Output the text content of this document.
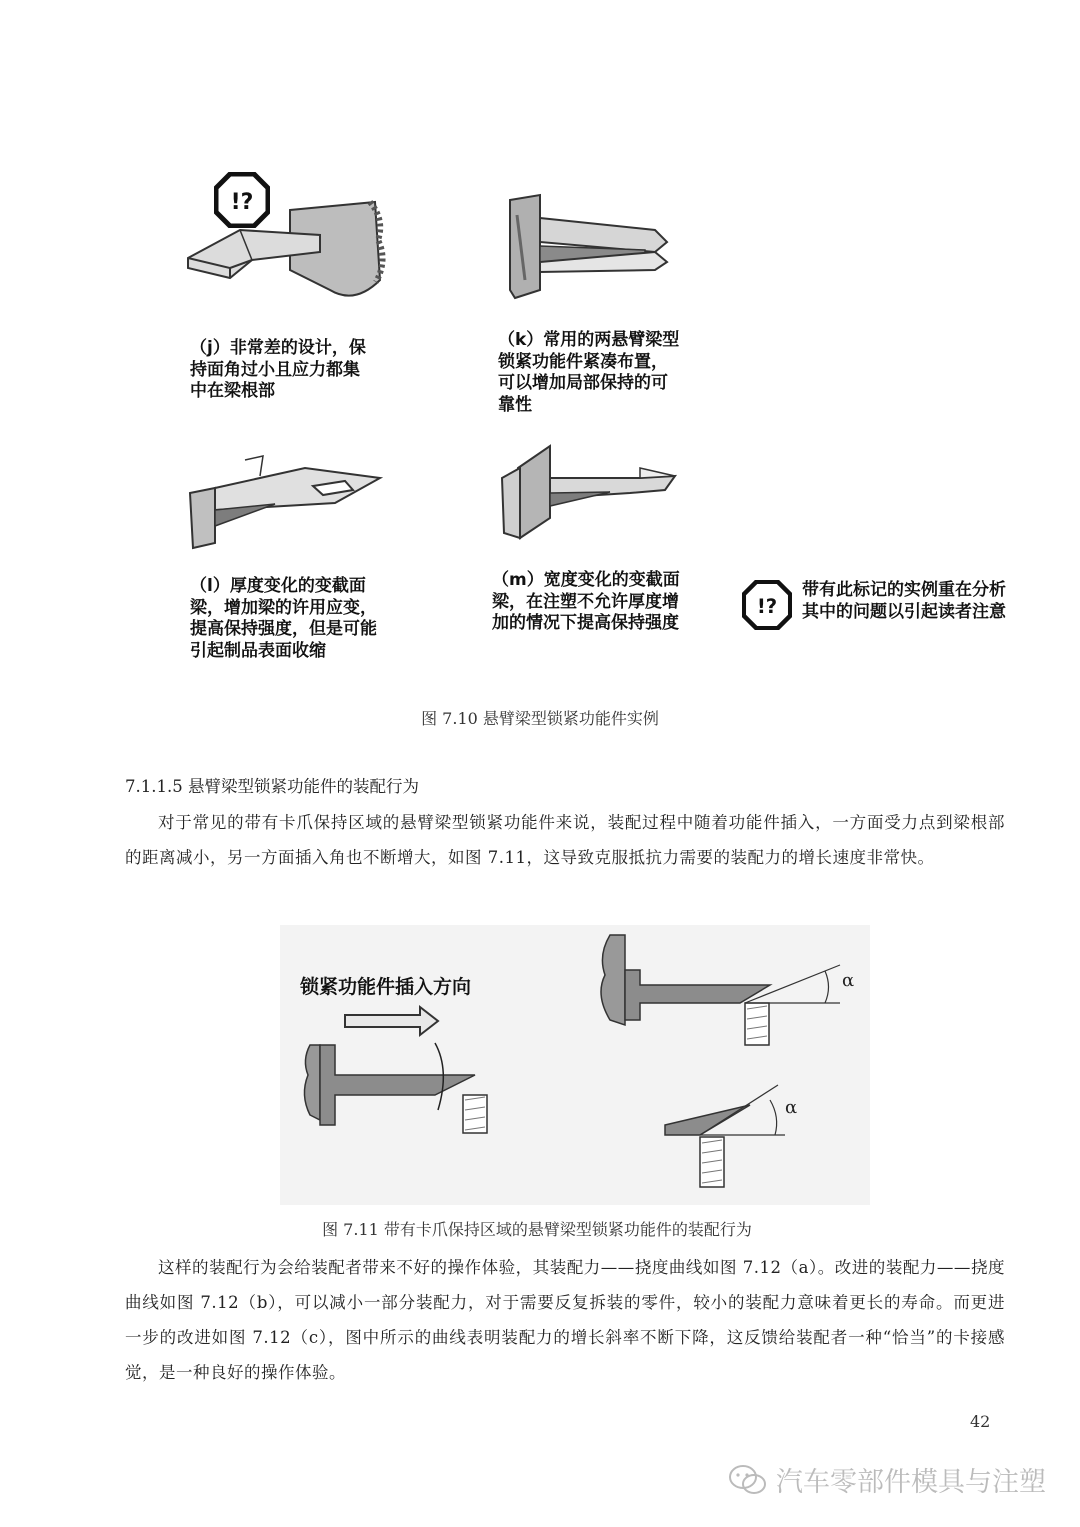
!?
（j）非常差的设计，保
持面角过小且应力都集
中在梁根部
（k）常用的两悬臂梁型
锁紧功能件紧凑布置，
可以增加局部保持的可
靠性
（l）厚度变化的变截面
梁，增加梁的许用应变，
提高保持强度，但是可能
引起制品表面收缩
（m）宽度变化的变截面
梁，在注塑不允许厚度增
加的情况下提高保持强度
!?
带有此标记的实例重在分析
其中的问题以引起读者注意
图 7.10 悬臂梁型锁紧功能件实例
7.1.1.5 悬臂梁型锁紧功能件的装配行为

对于常见的带有卡爪保持区域的悬臂梁型锁紧功能件来说，装配过程中随着功能件插入，一方面受力点到梁根部的距离减小，另一方面插入角也不断增大，如图 7.11，这导致克服抵抗力需要的装配力的增长速度非常快。

锁紧功能件插入方向	α
α
图 7.11 带有卡爪保持区域的悬臂梁型锁紧功能件的装配行为

这样的装配行为会给装配者带来不好的操作体验，其装配力——挠度曲线如图 7.12（a）。改进的装配力——挠度曲线如图 7.12（b），可以减小一部分装配力，对于需要反复拆装的零件，较小的装配力意味着更长的寿命。而更进一步的改进如图 7.12（c），图中所示的曲线表明装配力的增长斜率不断下降，这反馈给装配者一种“恰当”的卡接感觉，是一种良好的操作体验。

42
汽车零部件模具与注塑
